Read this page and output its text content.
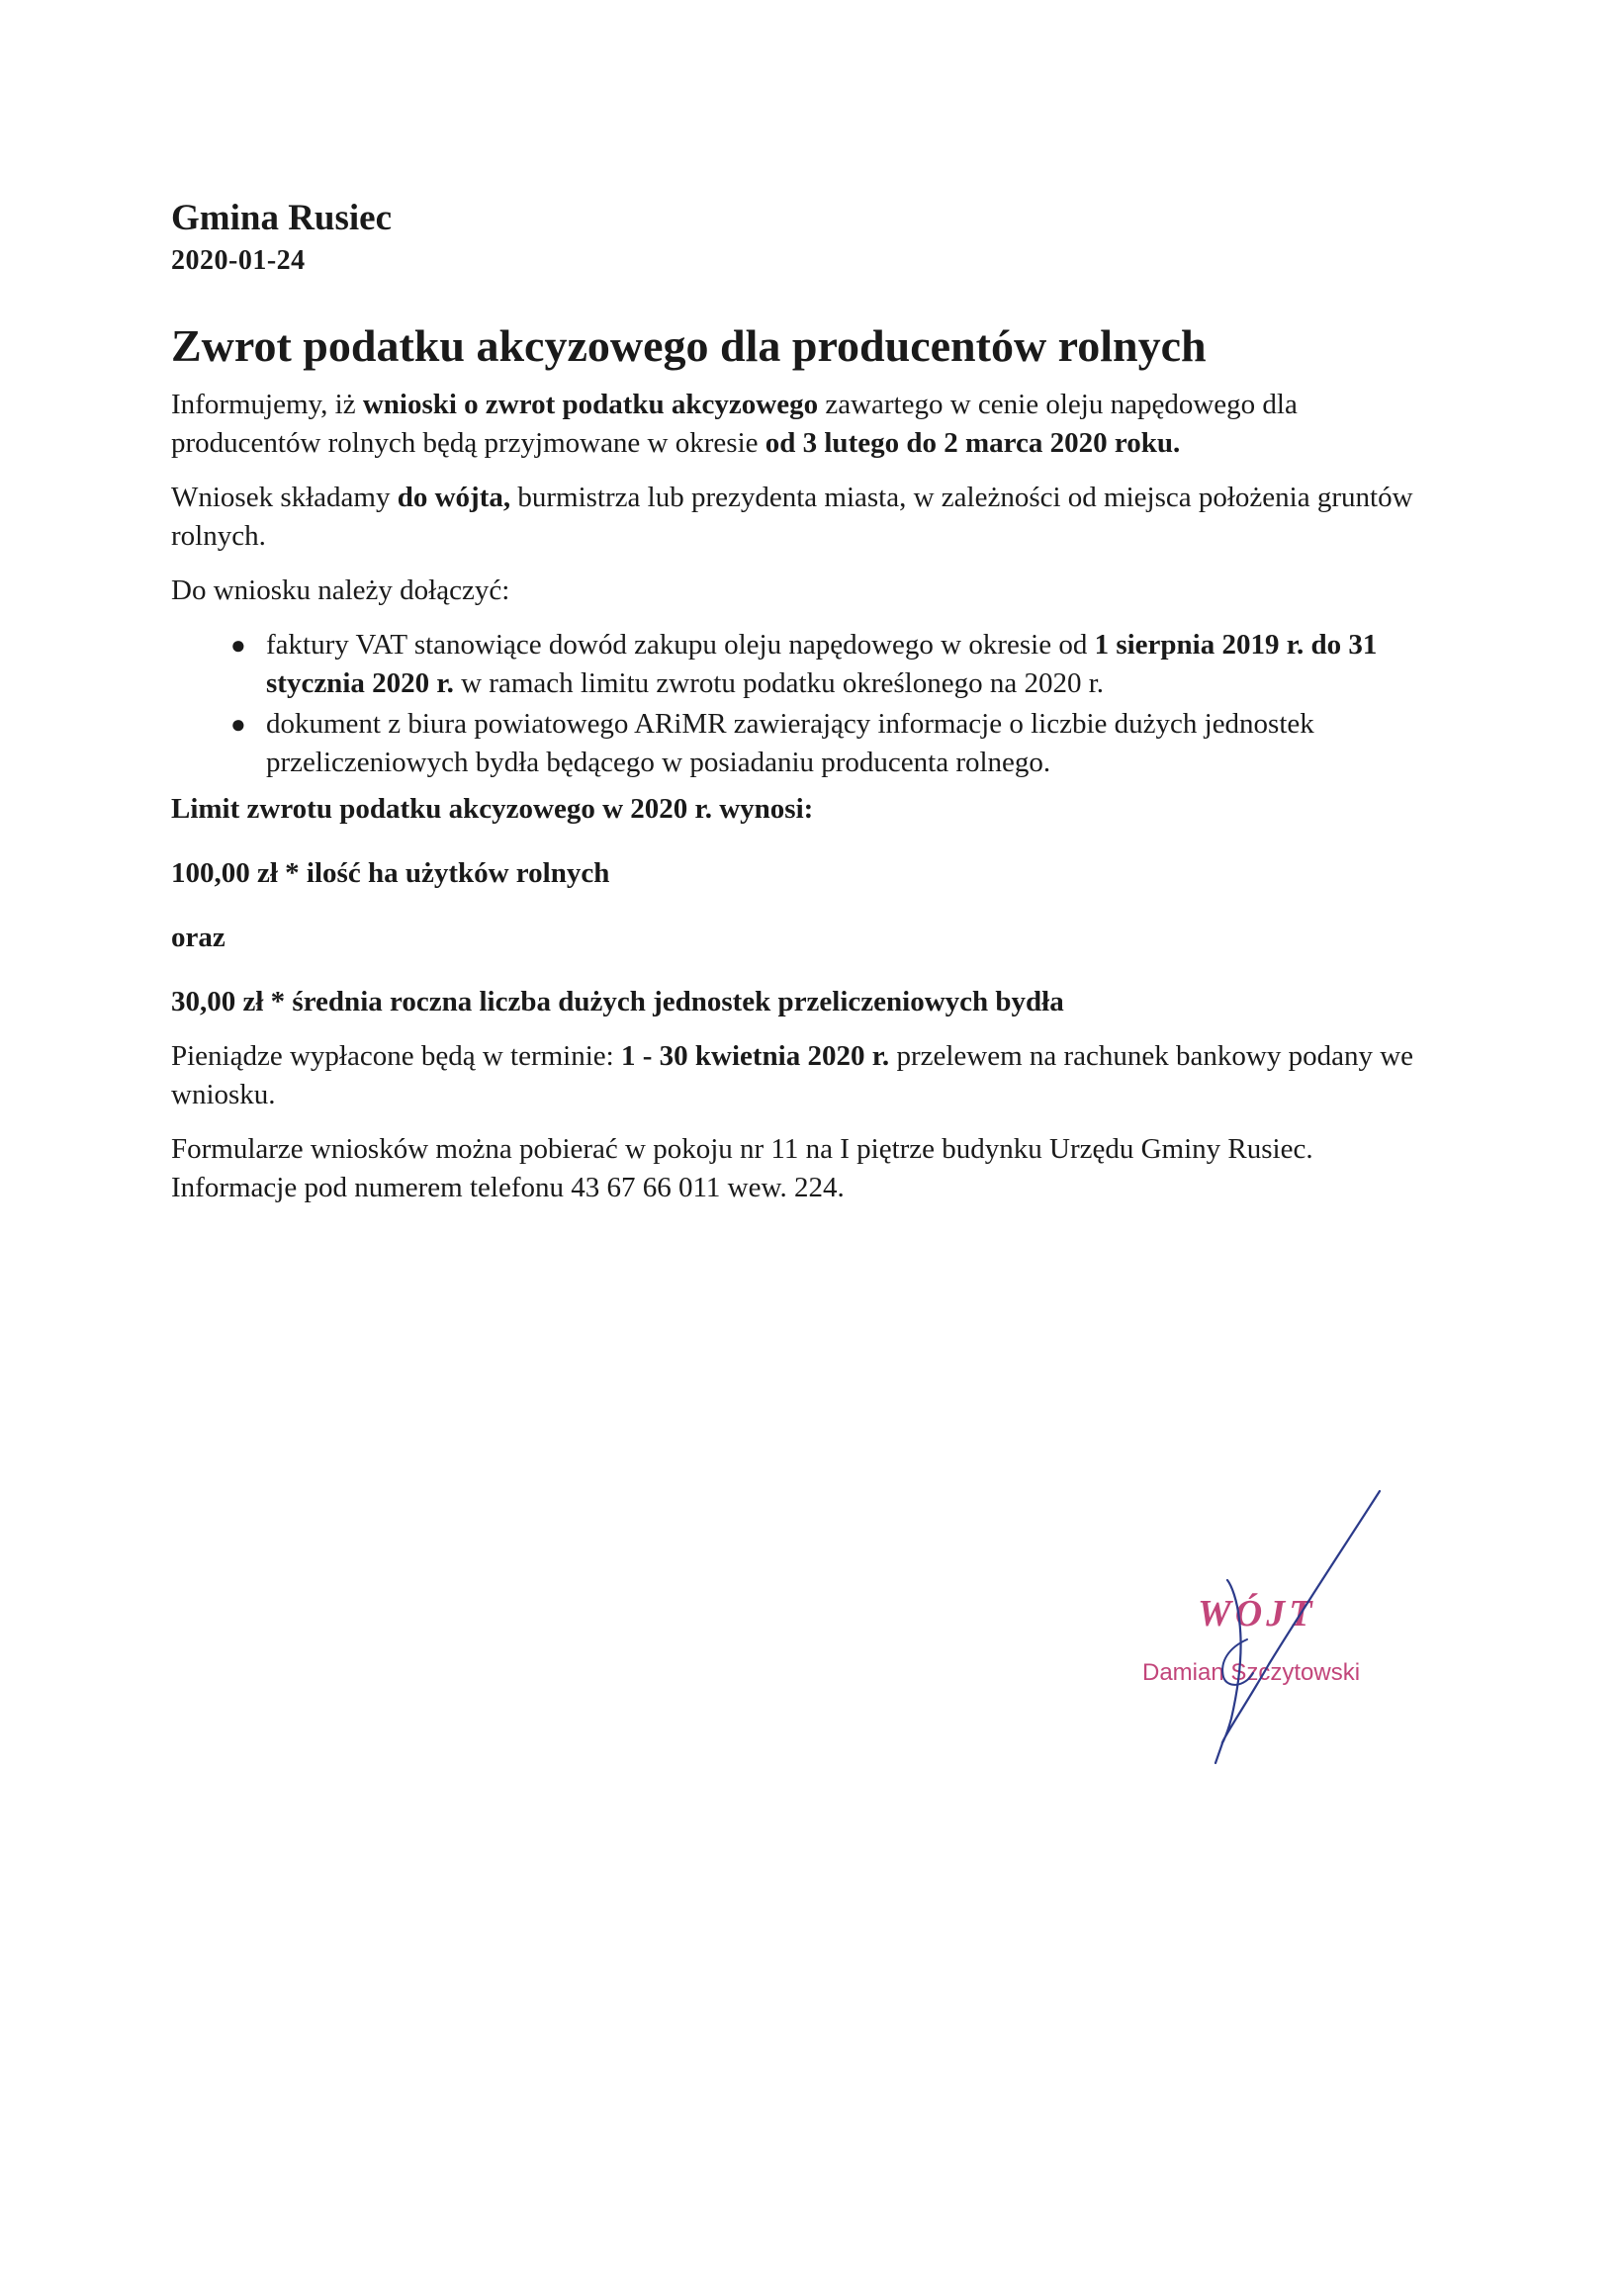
Gmina Rusiec
2020-01-24
Zwrot podatku akcyzowego dla producentów rolnych

Informujemy, iż wnioski o zwrot podatku akcyzowego zawartego w cenie oleju napędowego dla producentów rolnych będą przyjmowane w okresie od 3 lutego do 2 marca 2020 roku.

Wniosek składamy do wójta, burmistrza lub prezydenta miasta, w zależności od miejsca położenia gruntów rolnych.

Do wniosku należy dołączyć:

● faktury VAT stanowiące dowód zakupu oleju napędowego w okresie od 1 sierpnia 2019 r. do 31 stycznia 2020 r. w ramach limitu zwrotu podatku określonego na 2020 r.
● dokument z biura powiatowego ARiMR zawierający informacje o liczbie dużych jednostek przeliczeniowych bydła będącego w posiadaniu producenta rolnego.

Limit zwrotu podatku akcyzowego w 2020 r. wynosi:

100,00 zł * ilość ha użytków rolnych

oraz

30,00 zł * średnia roczna liczba dużych jednostek przeliczeniowych bydła

Pieniądze wypłacone będą w terminie: 1 - 30 kwietnia 2020 r. przelewem na rachunek bankowy podany we wniosku.

Formularze wniosków można pobierać w pokoju nr 11 na I piętrze budynku Urzędu Gminy Rusiec. Informacje pod numerem telefonu 43 67 66 011 wew. 224.

WÓJT
Damian Szczytowski
